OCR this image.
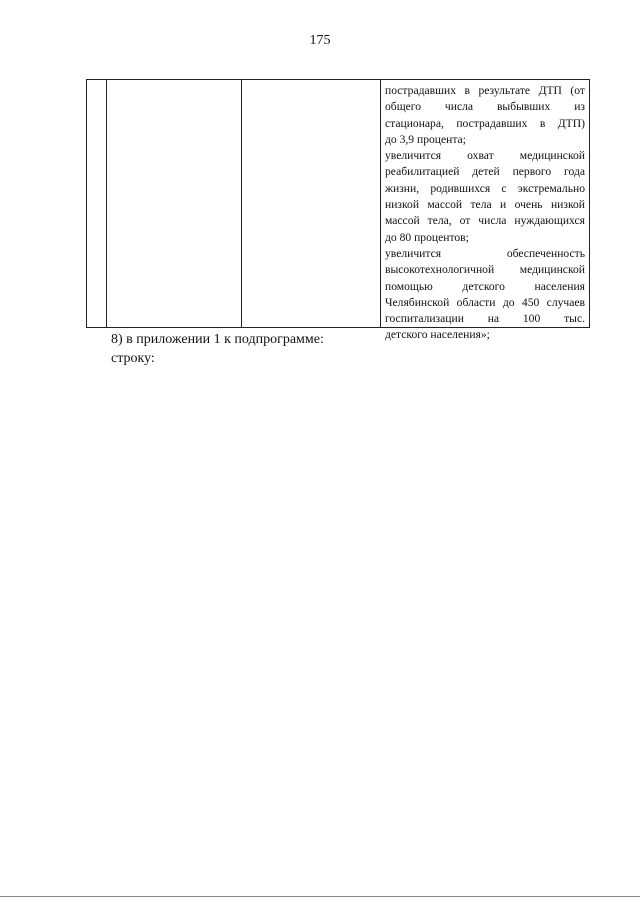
175
пострадавших в результате ДТП (от
общего числа выбывших из
стационара, пострадавших в ДТП)
до 3,9 процента;
увеличится охват медицинской
реабилитацией детей первого года
жизни, родившихся с экстремально
низкой массой тела и очень низкой
массой тела, от числа нуждающихся
до 80 процентов;
увеличится обеспеченность
высокотехнологичной медицинской
помощью детского населения
Челябинской области до 450 случаев
госпитализации на 100 тыс.
детского населения»;
8) в приложении 1 к подпрограмме:
строку:
